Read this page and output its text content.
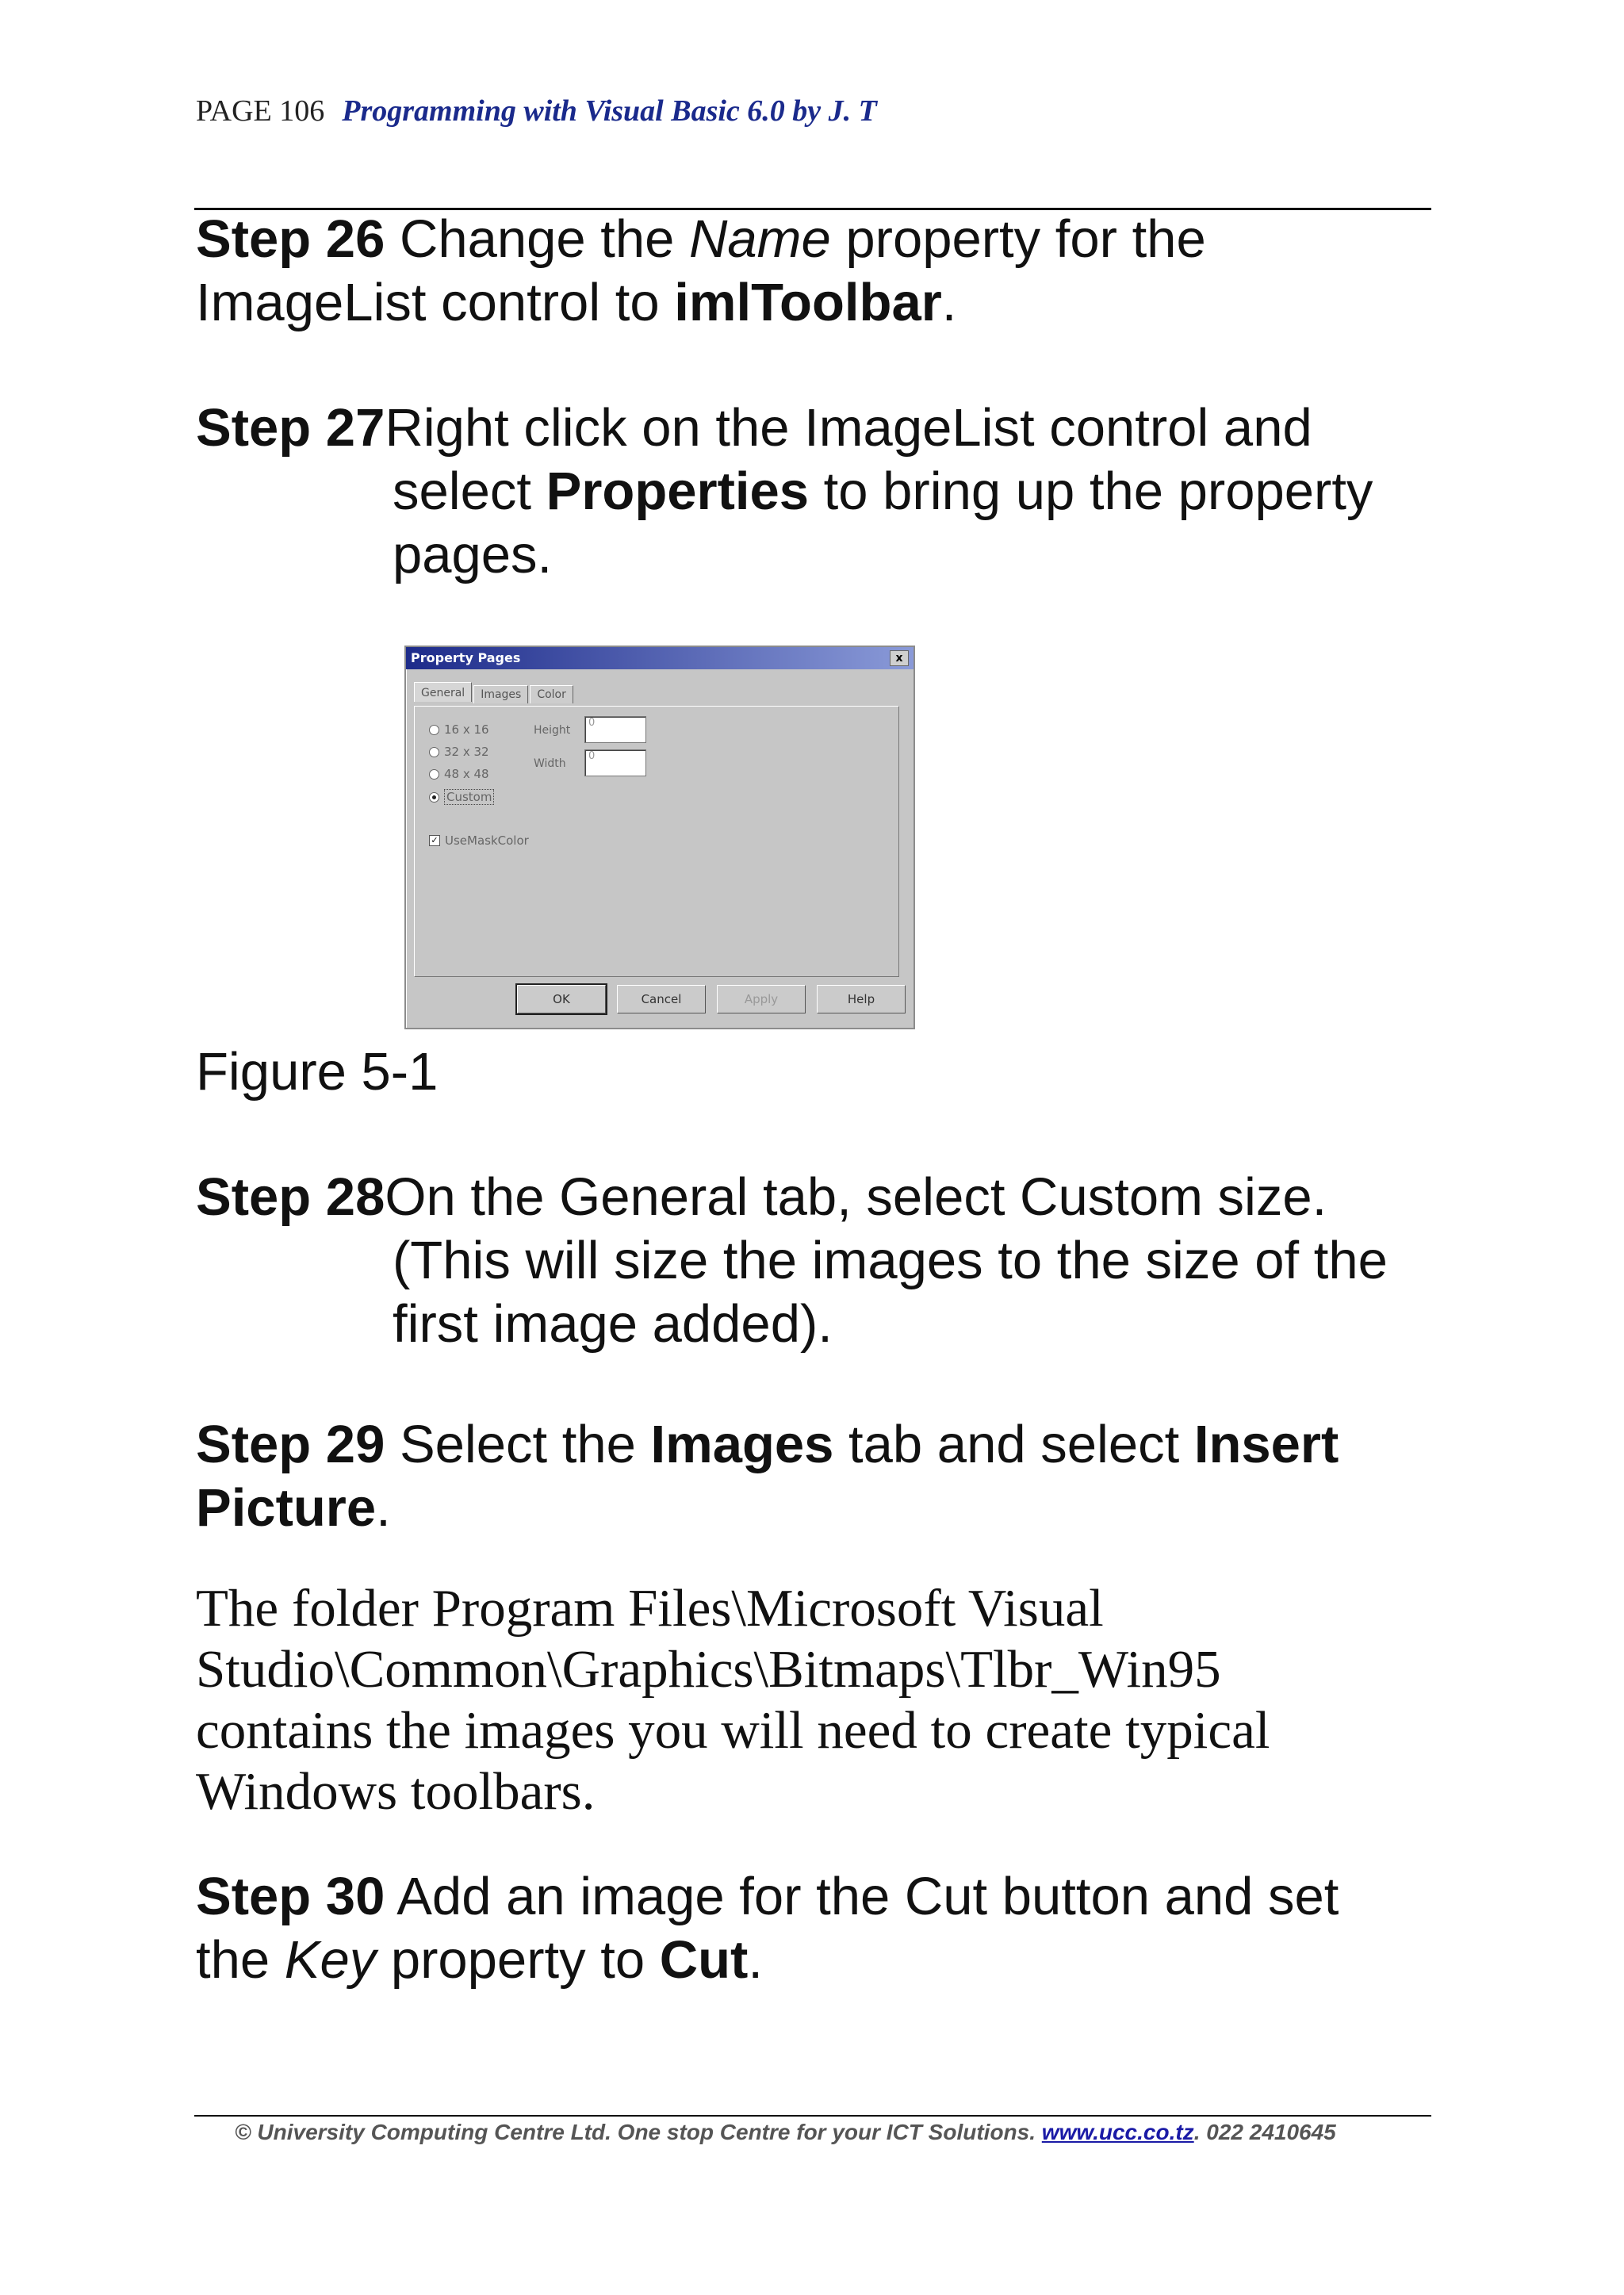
PAGE 106 Programming with Visual Basic 6.0 by J. T
Step 26 Change the Name property for the
ImageList control to imlToolbar.
Step 27Right click on the ImageList control and
select Properties to bring up the property
pages.
Property Pages	x
General Images Color
16 x 16
32 x 32
48 x 48
Custom
Height
0
Width
0
✓ UseMaskColor
OK	Cancel	Apply	Help
Figure 5-1
Step 28On the General tab, select Custom size.
(This will size the images to the size of the
first image added).
Step 29 Select the Images tab and select Insert
Picture.
The folder Program Files\Microsoft Visual
Studio\Common\Graphics\Bitmaps\Tlbr_Win95
contains the images you will need to create typical
Windows toolbars.
Step 30 Add an image for the Cut button and set
the Key property to Cut.
© University Computing Centre Ltd. One stop Centre for your ICT Solutions. www.ucc.co.tz. 022 2410645
